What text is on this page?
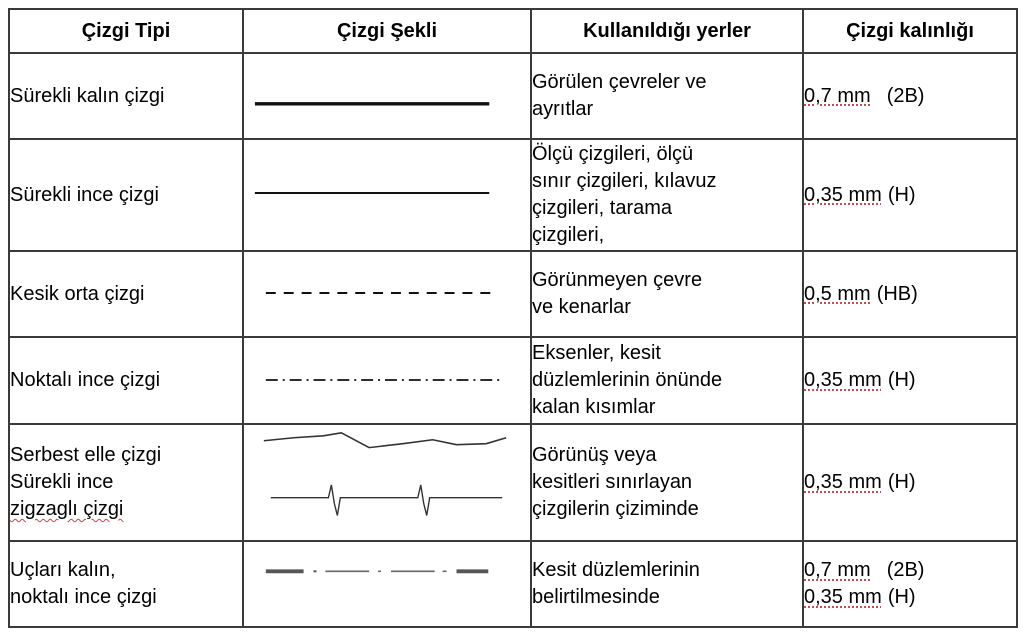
Çizgi Tipi	Çizgi Şekli	Kullanıldığı yerler	Çizgi kalınlığı

Sürekli kalın çizgi		Görülen çevreler ve
ayrıtlar	0,7 mm (2B)

Sürekli ince çizgi		Ölçü çizgileri, ölçü
sınır çizgileri, kılavuz
çizgileri, tarama
çizgileri,	0,35 mm (H)

Kesik orta çizgi		Görünmeyen çevre
ve kenarlar	0,5 mm (HB)

Noktalı ince çizgi		Eksenler, kesit
düzlemlerinin önünde
kalan kısımlar	0,35 mm (H)

Serbest elle çizgi
Sürekli ince
zigzaglı çizgi		Görünüş veya
kesitleri sınırlayan
çizgilerin çiziminde	0,35 mm (H)

Uçları kalın,
noktalı ince çizgi		Kesit düzlemlerinin
belirtilmesinde	0,7 mm (2B)
0,35 mm (H)
